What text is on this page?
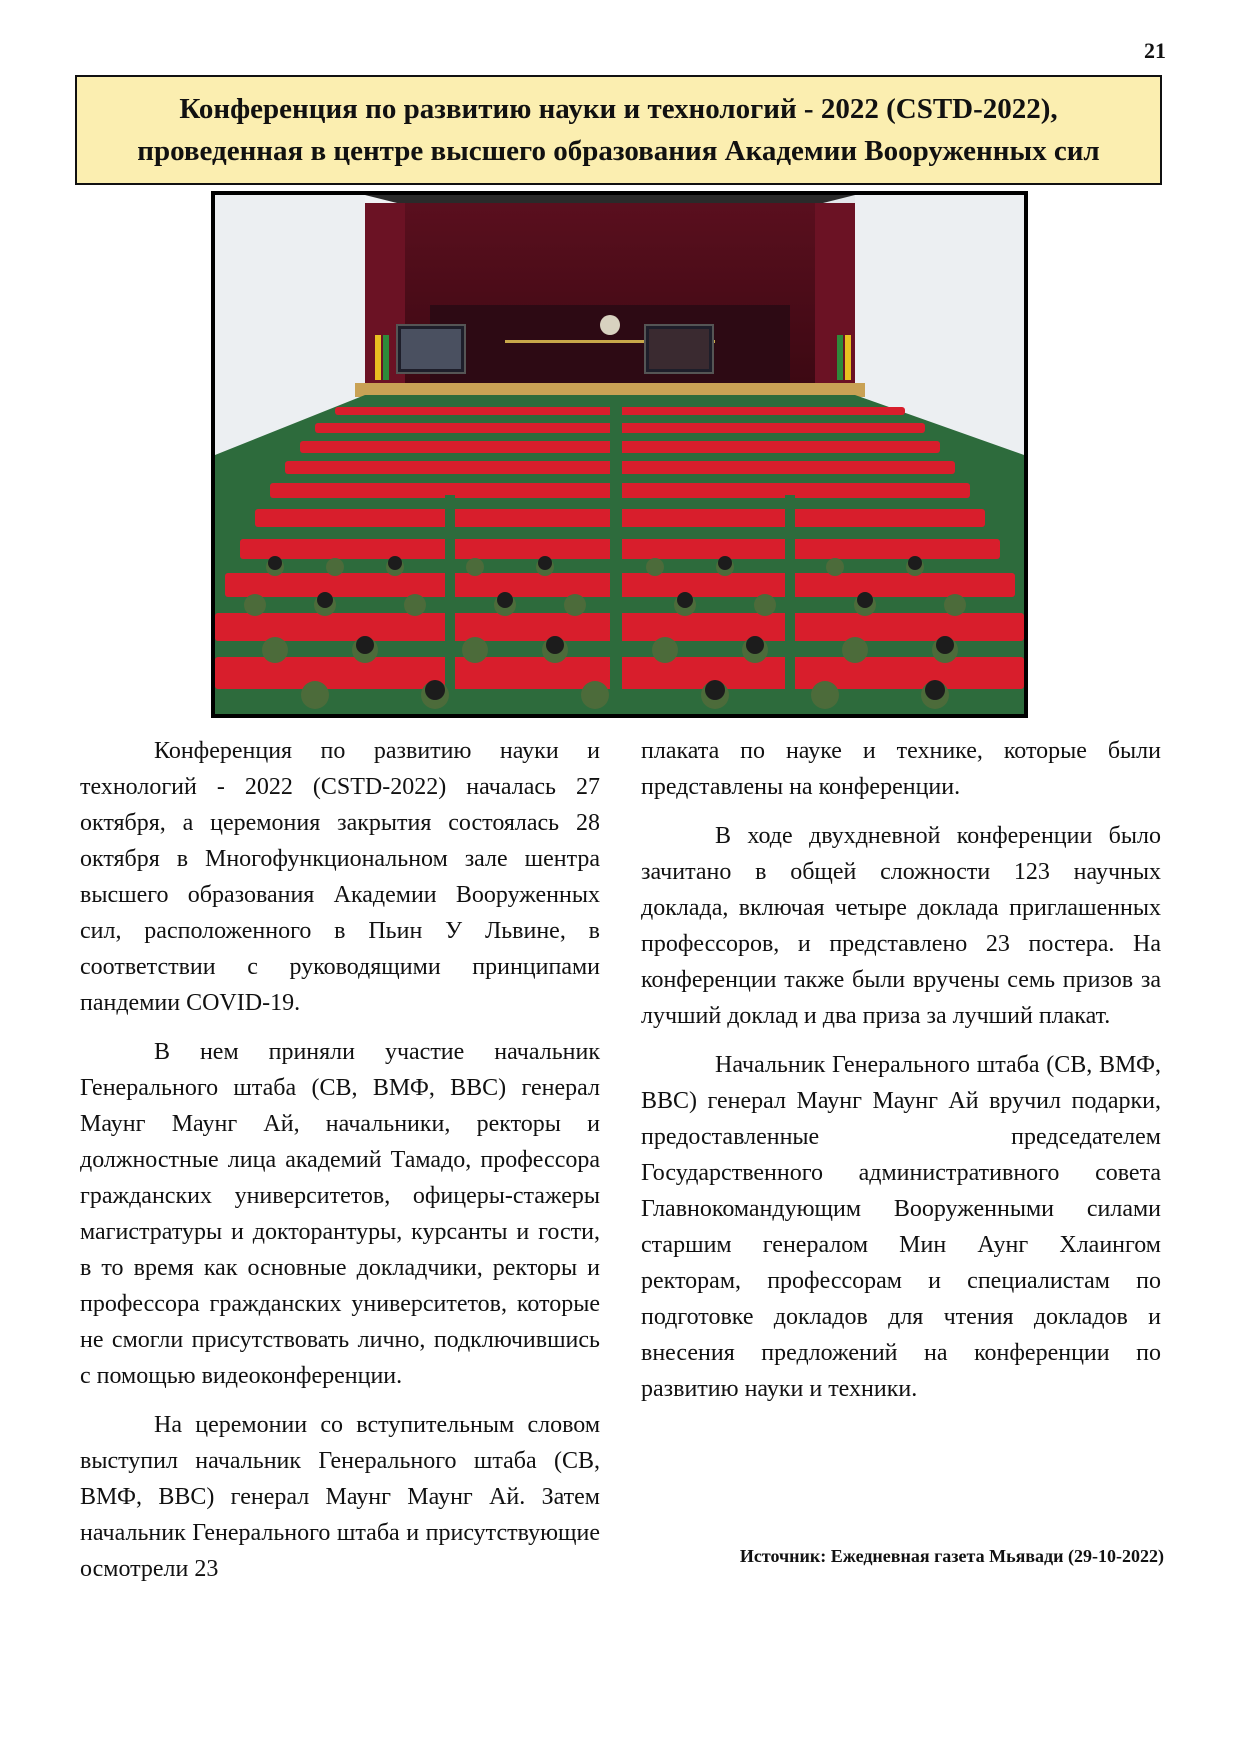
21
Конференция по развитию науки и технологий - 2022 (CSTD-2022),
проведенная в центре высшего образования Академии Вооруженных сил

Конференция по развитию науки и технологий - 2022 (CSTD-2022) началась 27 октября, а церемония закрытия состоялась 28 октября в Многофункциональном зале шентра высшего образования Академии Вооруженных сил, расположенного в Пьин У Львине, в соответствии с руководящими принципами пандемии COVID-19.

В нем приняли участие начальник Генерального штаба (СВ, ВМФ, ВВС) генерал Маунг Маунг Ай, начальники, ректоры и должностные лица академий Тамадо, профессора гражданских университетов, офицеры-стажеры магистратуры и докторантуры, курсанты и гости, в то время как основные докладчики, ректоры и профессора гражданских университетов, которые не смогли присутствовать лично, подключившись с помощью видеоконференции.

На церемонии со вступительным словом выступил начальник Генерального штаба (СВ, ВМФ, ВВС) генерал Маунг Маунг Ай. Затем начальник Генерального штаба и присутствующие осмотрели 23

плаката по науке и технике, которые были представлены на конференции.

В ходе двухдневной конференции было зачитано в общей сложности 123 научных доклада, включая четыре доклада приглашенных профессоров, и представлено 23 постера. На конференции также были вручены семь призов за лучший доклад и два приза за лучший плакат.

Начальник Генерального штаба (СВ, ВМФ, ВВС) генерал Маунг Маунг Ай вручил подарки, предоставленные председателем Государственного административного совета Главнокомандующим Вооруженными силами старшим генералом Мин Аунг Хлаингом ректорам, профессорам и специалистам по подготовке докладов для чтения докладов и внесения предложений на конференции по развитию науки и техники.

Источник: Ежедневная газета Мьявади (29-10-2022)
